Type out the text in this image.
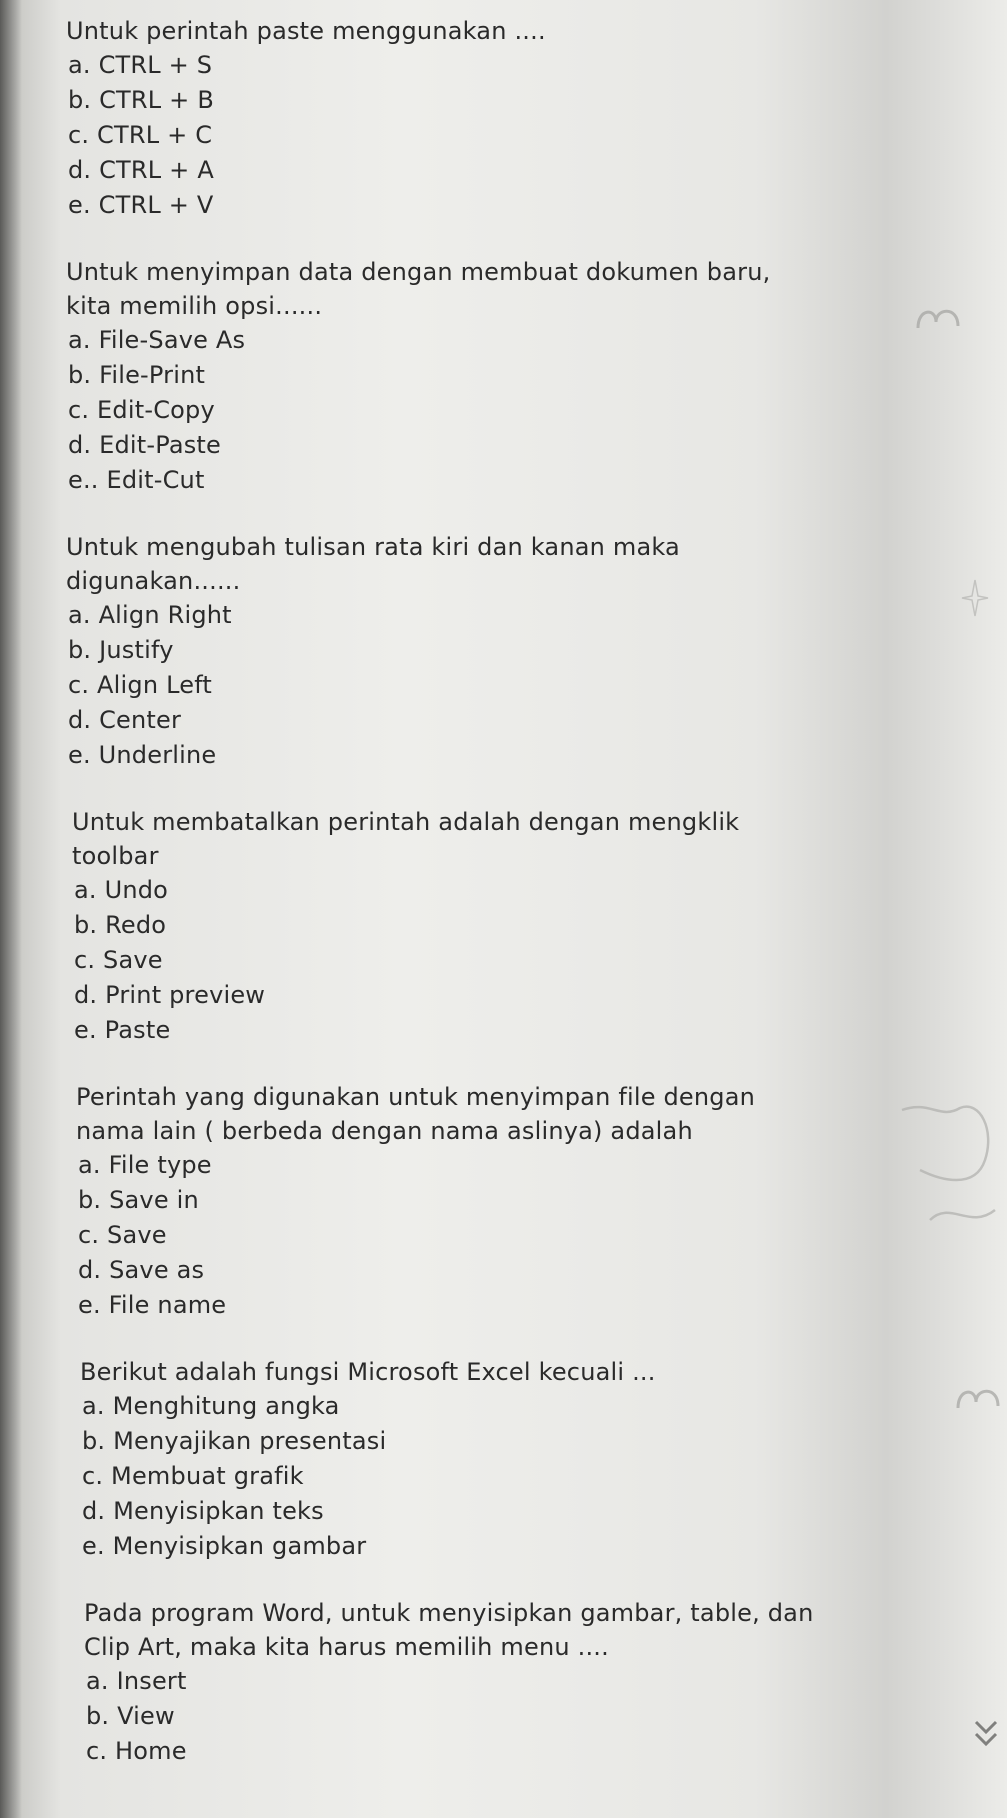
Untuk perintah paste menggunakan ....

a. CTRL + S

b. CTRL + B

c. CTRL + C

d. CTRL + A

e. CTRL + V

Untuk menyimpan data dengan membuat dokumen baru,

kita memilih opsi......

a. File-Save As

b. File-Print

c. Edit-Copy

d. Edit-Paste

e.. Edit-Cut

Untuk mengubah tulisan rata kiri dan kanan maka

digunakan......

a. Align Right

b. Justify

c. Align Left

d. Center

e. Underline

Untuk membatalkan perintah adalah dengan mengklik

toolbar

a. Undo

b. Redo

c. Save

d. Print preview

e. Paste

Perintah yang digunakan untuk menyimpan file dengan

nama lain ( berbeda dengan nama aslinya) adalah

a. File type

b. Save in

c. Save

d. Save as

e. File name

Berikut adalah fungsi Microsoft Excel kecuali ...

a. Menghitung angka

b. Menyajikan presentasi

c. Membuat grafik

d. Menyisipkan teks

e. Menyisipkan gambar

Pada program Word, untuk menyisipkan gambar, table, dan

Clip Art, maka kita harus memilih menu ....

a. Insert

b. View

c. Home
